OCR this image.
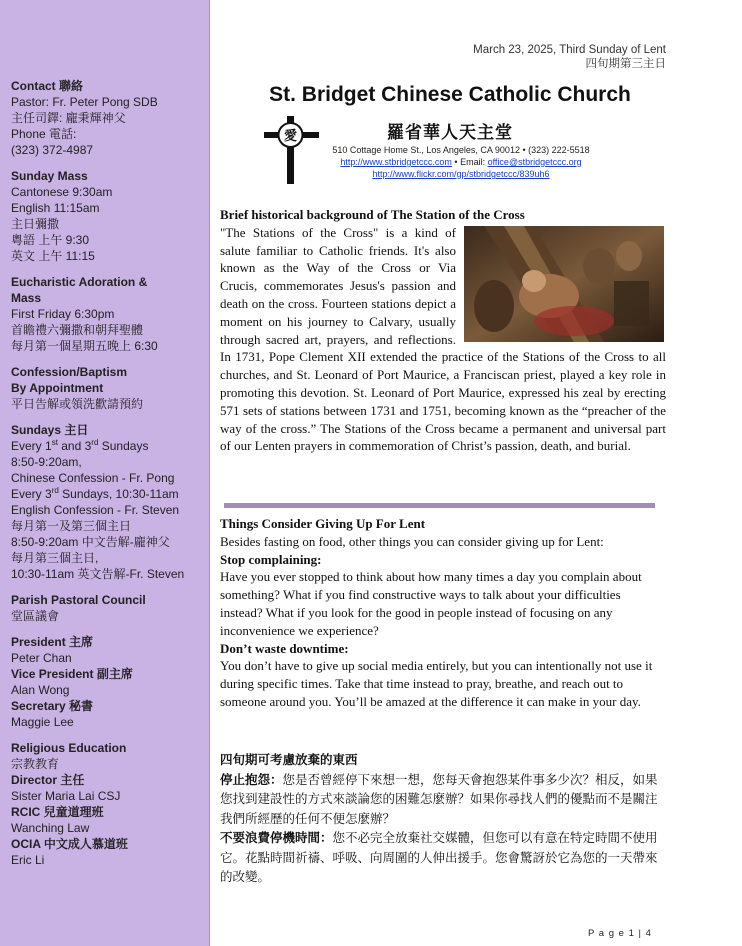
Contact 聯絡
Pastor: Fr. Peter Pong SDB
主任司鐸: 龐秉輝神父
Phone 電話:
(323) 372-4987
Sunday Mass
Cantonese 9:30am
English 11:15am
主日彌撒
粵語 上午 9:30
英文 上午 11:15
Eucharistic Adoration &
Mass
First Friday 6:30pm
首瞻禮六彌撒和朝拜聖體
每月第一個星期五晚上 6:30
Confession/Baptism
By Appointment
平日告解或領洗歡請預約
Sundays 主日
Every 1st and 3rd Sundays
8:50-9:20am,
Chinese Confession - Fr. Pong
Every 3rd Sundays, 10:30-11am
English Confession - Fr. Steven
每月第一及第三個主日
8:50-9:20am 中文告解-龐神父
每月第三個主日,
10:30-11am 英文告解-Fr. Steven
Parish Pastoral Council
堂區議會
President 主席
Peter Chan
Vice President 副主席
Alan Wong
Secretary 秘書
Maggie Lee
Religious Education
宗教教育
Director 主任
Sister Maria Lai CSJ
RCIC 兒童道理班
Wanching Law
OCIA 中文成人慕道班
Eric Li
March 23, 2025, Third Sunday of Lent
四旬期第三主日
St. Bridget Chinese Catholic Church
愛	羅省華人天主堂
510 Cottage Home St., Los Angeles, CA 90012 • (323) 222-5518
http://www.stbridgetccc.com • Email: office@stbridgetccc.org
http://www.flickr.com/gp/stbridgetccc/839uh6
Brief historical background of The Station of the Cross
"The Stations of the Cross" is a kind of salute familiar to Catholic friends. It's also known as the Way of the Cross or Via Crucis, commemorates Jesus's passion and death on the cross. Fourteen stations depict a moment on his journey to Calvary, usually through sacred art, prayers, and reflections. In 1731, Pope Clement XII extended the practice of the Stations of the Cross to all churches, and St. Leonard of Port Maurice, a Franciscan priest, played a key role in promoting this devotion. St. Leonard of Port Maurice, expressed his zeal by erecting 571 sets of stations between 1731 and 1751, becoming known as the “preacher of the way of the cross.” The Stations of the Cross became a permanent and universal part of our Lenten prayers in commemoration of Christ’s passion, death, and burial.
Things Consider Giving Up For Lent
Besides fasting on food, other things you can consider giving up for Lent:
Stop complaining:
Have you ever stopped to think about how many times a day you complain about something? What if you find constructive ways to talk about your difficulties instead? What if you look for the good in people instead of focusing on any inconvenience we experience?
Don’t waste downtime:
You don’t have to give up social media entirely, but you can intentionally not use it during specific times. Take that time instead to pray, breathe, and reach out to someone around you. You’ll be amazed at the difference it can make in your day.
四旬期可考慮放棄的東西
停止抱怨：您是否曾經停下來想一想，您每天會抱怨某件事多少次？相反，如果您找到建設性的方式來談論您的困難怎麼辦？如果你尋找人們的優點而不是關注我們所經歷的任何不便怎麼辦？
不要浪費停機時間：您不必完全放棄社交媒體，但您可以有意在特定時間不使用它。花點時間祈禱、呼吸、向周圍的人伸出援手。您會驚訝於它為您的一天帶來的改變。
P a g e 1 | 4
